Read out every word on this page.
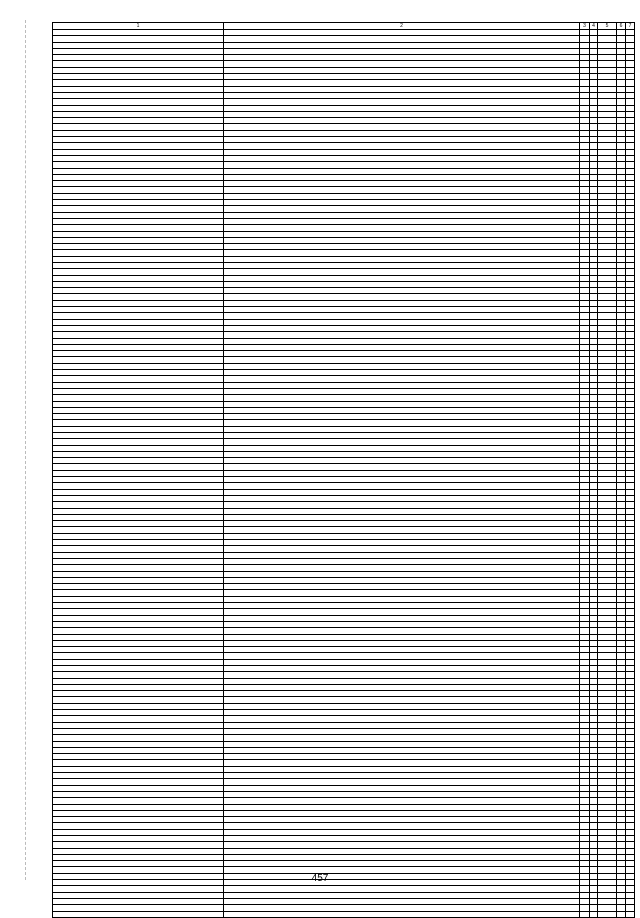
1	2	3	4	5	6	7

457
